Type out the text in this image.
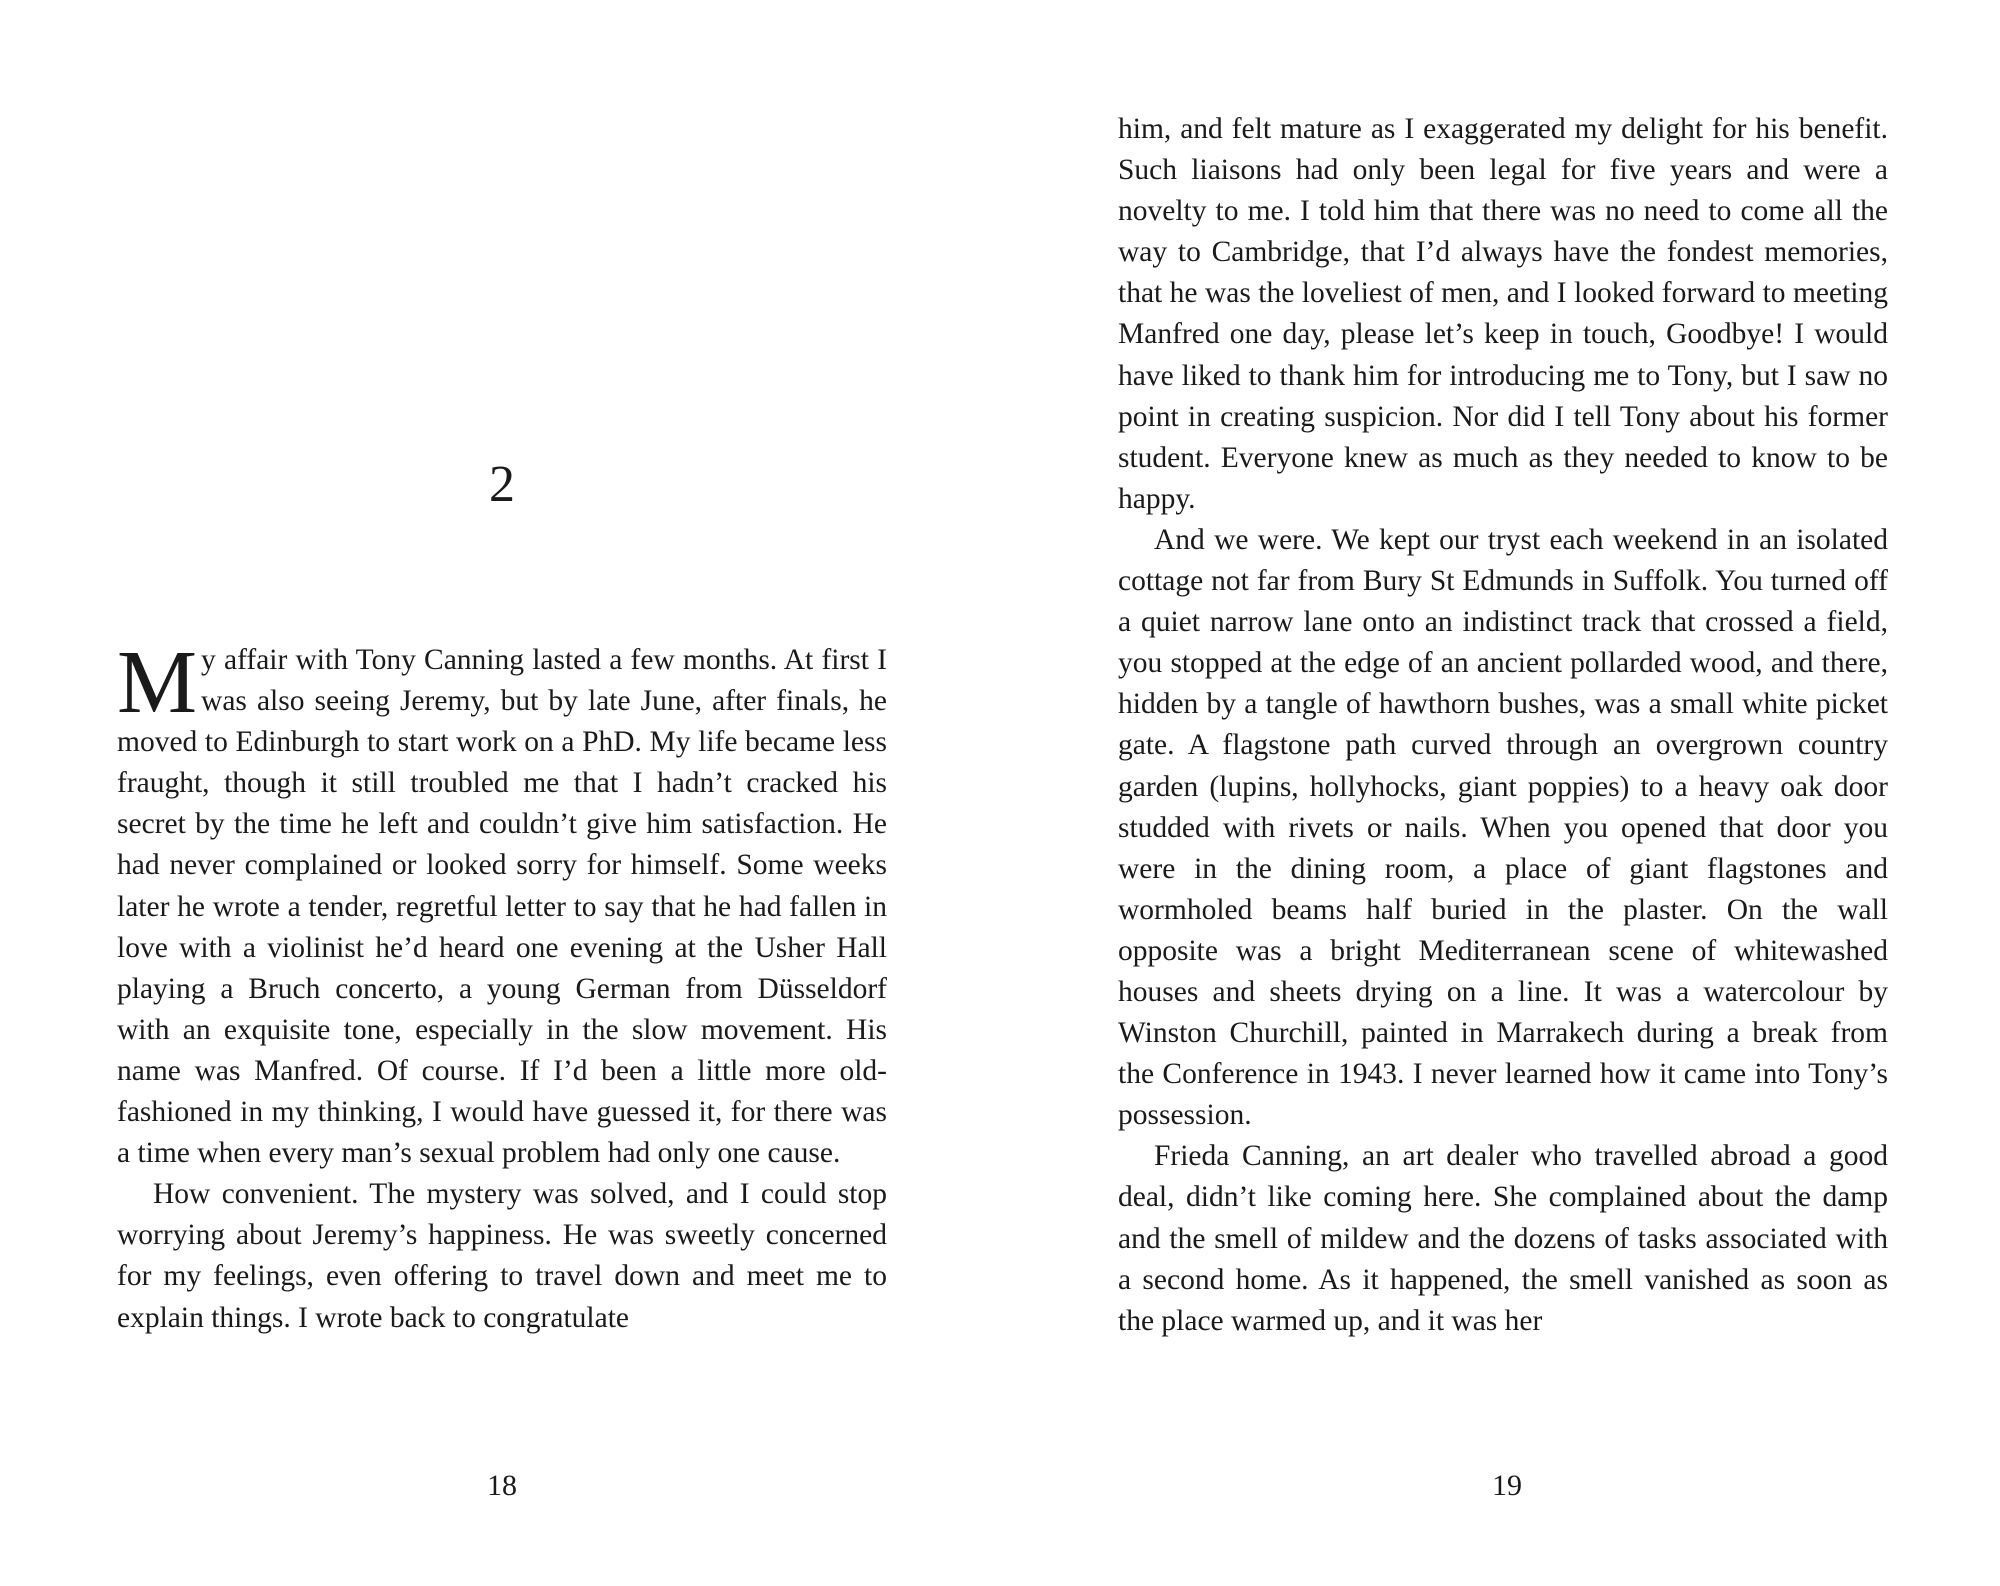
2

My affair with Tony Canning lasted a few months. At first I was also seeing Jeremy, but by late June, after finals, he moved to Edinburgh to start work on a PhD. My life became less fraught, though it still troubled me that I hadn’t cracked his secret by the time he left and couldn’t give him satisfaction. He had never complained or looked sorry for himself. Some weeks later he wrote a tender, regretful letter to say that he had fallen in love with a violinist he’d heard one evening at the Usher Hall playing a Bruch concerto, a young German from Düsseldorf with an exquisite tone, especially in the slow movement. His name was Manfred. Of course. If I’d been a little more old-fashioned in my thinking, I would have guessed it, for there was a time when every man’s sexual problem had only one cause.

How convenient. The mystery was solved, and I could stop worrying about Jeremy’s happiness. He was sweetly concerned for my feelings, even offering to travel down and meet me to explain things. I wrote back to congratulate

18

him, and felt mature as I exaggerated my delight for his benefit. Such liaisons had only been legal for five years and were a novelty to me. I told him that there was no need to come all the way to Cambridge, that I’d always have the fondest memories, that he was the loveliest of men, and I looked forward to meeting Manfred one day, please let’s keep in touch, Goodbye! I would have liked to thank him for introducing me to Tony, but I saw no point in creating suspicion. Nor did I tell Tony about his former student. Everyone knew as much as they needed to know to be happy.

And we were. We kept our tryst each weekend in an isolated cottage not far from Bury St Edmunds in Suffolk. You turned off a quiet narrow lane onto an indistinct track that crossed a field, you stopped at the edge of an ancient pollarded wood, and there, hidden by a tangle of hawthorn bushes, was a small white picket gate. A flagstone path curved through an overgrown country garden (lupins, hollyhocks, giant poppies) to a heavy oak door studded with rivets or nails. When you opened that door you were in the dining room, a place of giant flagstones and wormholed beams half buried in the plaster. On the wall opposite was a bright Mediterranean scene of whitewashed houses and sheets drying on a line. It was a watercolour by Winston Churchill, painted in Marrakech during a break from the Conference in 1943. I never learned how it came into Tony’s possession.

Frieda Canning, an art dealer who travelled abroad a good deal, didn’t like coming here. She complained about the damp and the smell of mildew and the dozens of tasks associated with a second home. As it happened, the smell vanished as soon as the place warmed up, and it was her

19
